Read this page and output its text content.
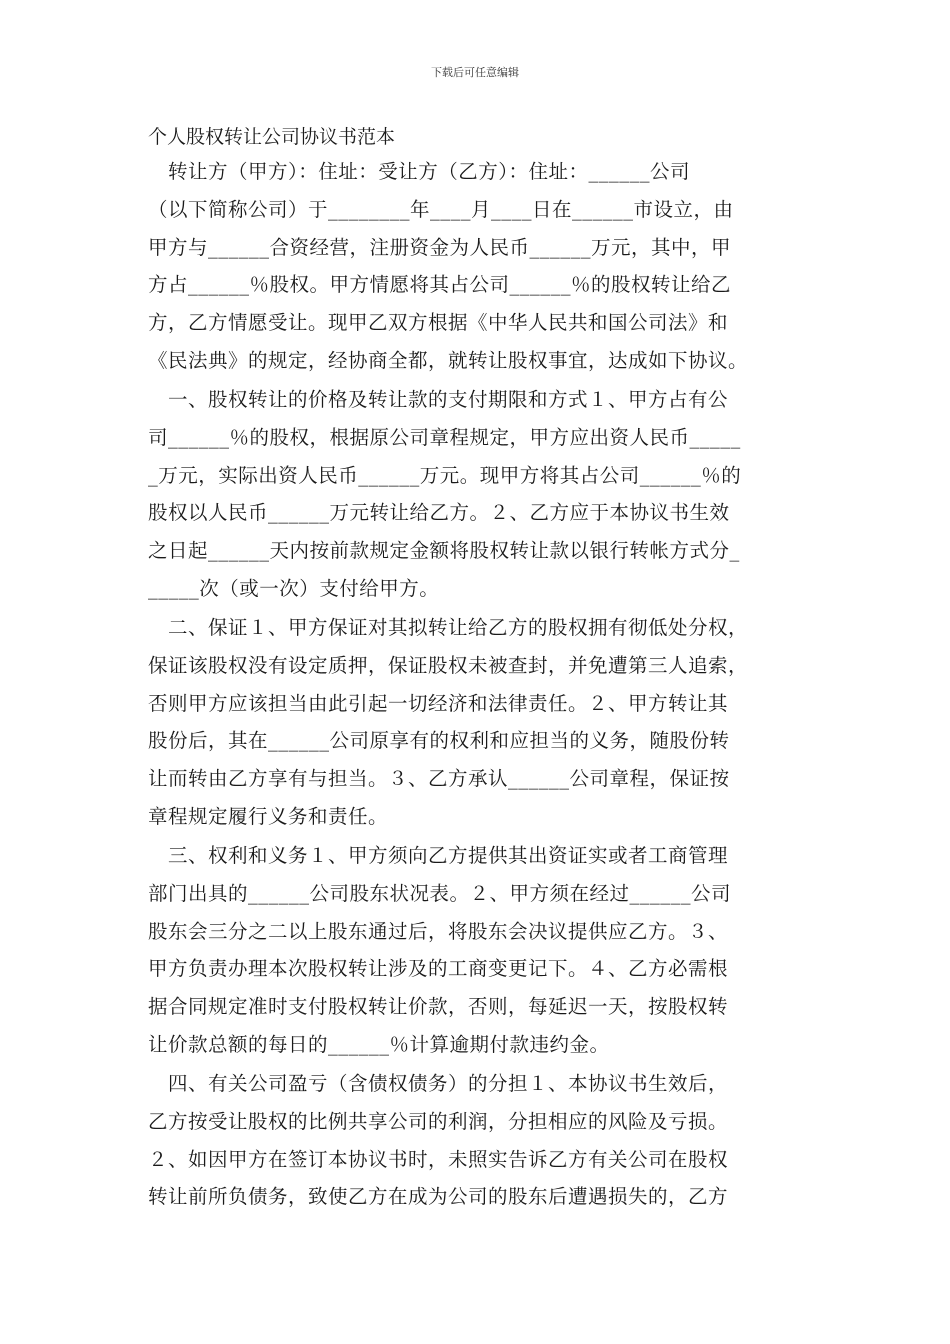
下载后可任意编辑
个人股权转让公司协议书范本
　转让方（甲方）：住址：受让方（乙方）：住址：______公司
（以下简称公司）于________年____月____日在______市设立，由
甲方与______合资经营，注册资金为人民币______万元，其中，甲
方占______％股权。甲方情愿将其占公司______％的股权转让给乙
方，乙方情愿受让。现甲乙双方根据《中华人民共和国公司法》和
《民法典》的规定，经协商全都，就转让股权事宜，达成如下协议。
　一、股权转让的价格及转让款的支付期限和方式１、甲方占有公
司______％的股权，根据原公司章程规定，甲方应出资人民币_____
_万元，实际出资人民币______万元。现甲方将其占公司______％的
股权以人民币______万元转让给乙方。２、乙方应于本协议书生效
之日起______天内按前款规定金额将股权转让款以银行转帐方式分_
_____次（或一次）支付给甲方。
　二、保证１、甲方保证对其拟转让给乙方的股权拥有彻低处分权，
保证该股权没有设定质押，保证股权未被查封，并免遭第三人追索，
否则甲方应该担当由此引起一切经济和法律责任。２、甲方转让其
股份后，其在______公司原享有的权利和应担当的义务，随股份转
让而转由乙方享有与担当。３、乙方承认______公司章程，保证按
章程规定履行义务和责任。
　三、权利和义务１、甲方须向乙方提供其出资证实或者工商管理
部门出具的______公司股东状况表。２、甲方须在经过______公司
股东会三分之二以上股东通过后，将股东会决议提供应乙方。３、
甲方负责办理本次股权转让涉及的工商变更记下。４、乙方必需根
据合同规定准时支付股权转让价款，否则，每延迟一天，按股权转
让价款总额的每日的______％计算逾期付款违约金。
　四、有关公司盈亏（含债权债务）的分担１、本协议书生效后，
乙方按受让股权的比例共享公司的利润，分担相应的风险及亏损。
２、如因甲方在签订本协议书时，未照实告诉乙方有关公司在股权
转让前所负债务，致使乙方在成为公司的股东后遭遇损失的，乙方
